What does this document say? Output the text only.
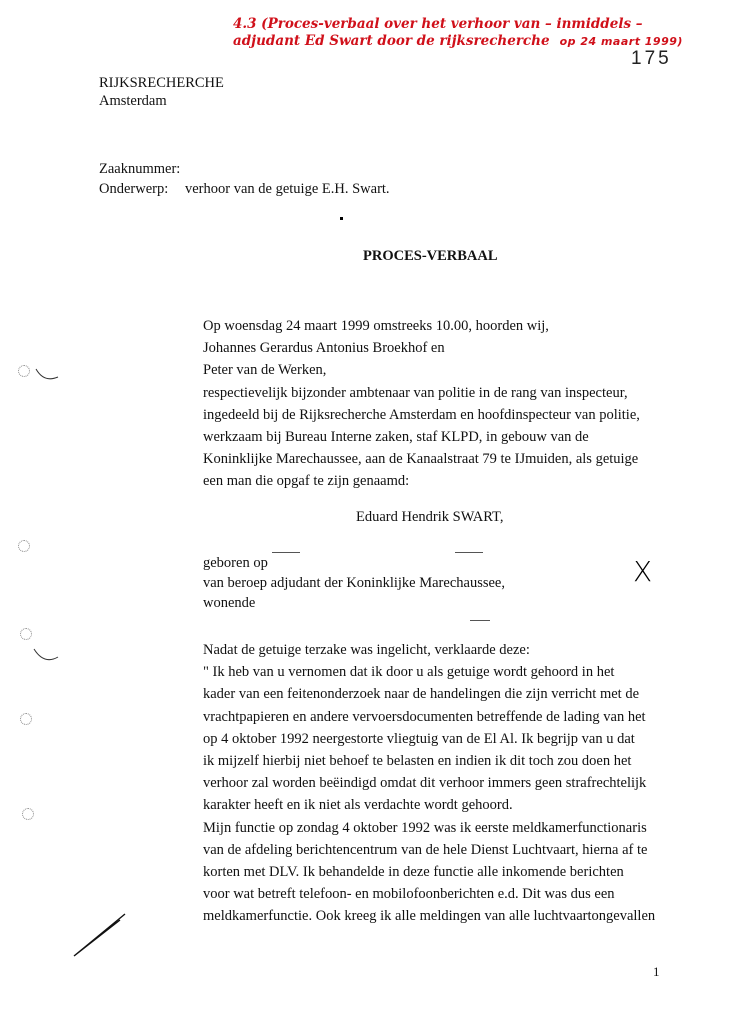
4.3 (Proces-verbaal over het verhoor van – inmiddels –
adjudant Ed Swart door de rijksrecherche op 24 maart 1999)
175
RIJKSRECHERCHE
Amsterdam
Zaaknummer:
Onderwerp: verhoor van de getuige E.H. Swart.
PROCES-VERBAAL
Op woensdag 24 maart 1999 omstreeks 10.00, hoorden wij,
Johannes Gerardus Antonius Broekhof en
Peter van de Werken,
respectievelijk bijzonder ambtenaar van politie in de rang van inspecteur,
ingedeeld bij de Rijksrecherche Amsterdam en hoofdinspecteur van politie,
werkzaam bij Bureau Interne zaken, staf KLPD, in gebouw van de
Koninklijke Marechaussee, aan de Kanaalstraat 79 te IJmuiden, als getuige
een man die opgaf te zijn genaamd:
Eduard Hendrik SWART,
geboren op
van beroep adjudant der Koninklijke Marechaussee,
wonende
X
Nadat de getuige terzake was ingelicht, verklaarde deze:
" Ik heb van u vernomen dat ik door u als getuige wordt gehoord in het
kader van een feitenonderzoek naar de handelingen die zijn verricht met de
vrachtpapieren en andere vervoersdocumenten betreffende de lading van het
op 4 oktober 1992 neergestorte vliegtuig van de El Al. Ik begrijp van u dat
ik mijzelf hierbij niet behoef te belasten en indien ik dit toch zou doen het
verhoor zal worden beëindigd omdat dit verhoor immers geen strafrechtelijk
karakter heeft en ik niet als verdachte wordt gehoord.
Mijn functie op zondag 4 oktober 1992 was ik eerste meldkamerfunctionaris
van de afdeling berichtencentrum van de hele Dienst Luchtvaart, hierna af te
korten met DLV. Ik behandelde in deze functie alle inkomende berichten
voor wat betreft telefoon- en mobilofoonberichten e.d. Dit was dus een
meldkamerfunctie. Ook kreeg ik alle meldingen van alle luchtvaartongevallen
1
